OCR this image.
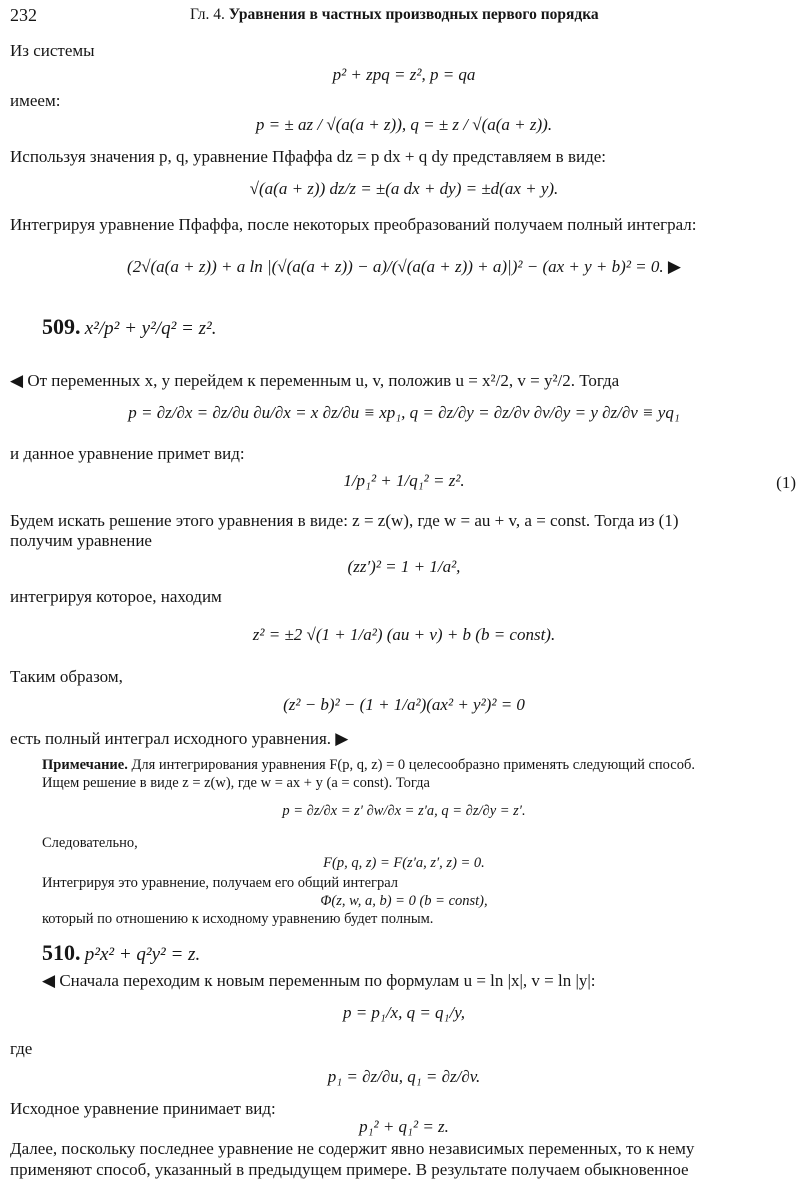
232	Гл. 4. Уравнения в частных производных первого порядка
Из системы
p² + zpq = z², p = qa
имеем:
p = ± az / √(a(a + z)), q = ± z / √(a(a + z)).
Используя значения p, q, уравнение Пфаффа dz = p dx + q dy представляем в виде:
√(a(a + z)) dz/z = ±(a dx + dy) = ±d(ax + y).
Интегрируя уравнение Пфаффа, после некоторых преобразований получаем полный интеграл:
(2√(a(a + z)) + a ln |(√(a(a + z)) − a)/(√(a(a + z)) + a)|)² − (ax + y + b)² = 0. ▶
509. x²/p² + y²/q² = z².
◀ От переменных x, y перейдем к переменным u, v, положив u = x²/2, v = y²/2. Тогда
p = ∂z/∂x = ∂z/∂u ∂u/∂x = x ∂z/∂u ≡ xp₁, q = ∂z/∂y = ∂z/∂v ∂v/∂y = y ∂z/∂v ≡ yq₁
и данное уравнение примет вид:
1/p₁² + 1/q₁² = z².	(1)
Будем искать решение этого уравнения в виде: z = z(w), где w = au + v, a = const. Тогда из (1)
получим уравнение
(zz′)² = 1 + 1/a²,
интегрируя которое, находим
z² = ±2 √(1 + 1/a²) (au + v) + b (b = const).
Таким образом,
(z² − b)² − (1 + 1/a²)(ax² + y²)² = 0
есть полный интеграл исходного уравнения. ▶
Примечание. Для интегрирования уравнения F(p, q, z) = 0 целесообразно применять следующий способ.
Ищем решение в виде z = z(w), где w = ax + y (a = const). Тогда
p = ∂z/∂x = z′ ∂w/∂x = z′a, q = ∂z/∂y = z′.
Следовательно,
F(p, q, z) = F(z′a, z′, z) = 0.
Интегрируя это уравнение, получаем его общий интеграл
Φ(z, w, a, b) = 0 (b = const),
который по отношению к исходному уравнению будет полным.
510. p²x² + q²y² = z.
◀ Сначала переходим к новым переменным по формулам u = ln |x|, v = ln |y|:
p = p₁/x, q = q₁/y,
где
p₁ = ∂z/∂u, q₁ = ∂z/∂v.
Исходное уравнение принимает вид:
p₁² + q₁² = z.
Далее, поскольку последнее уравнение не содержит явно независимых переменных, то к нему
применяют способ, указанный в предыдущем примере. В результате получаем обыкновенное
